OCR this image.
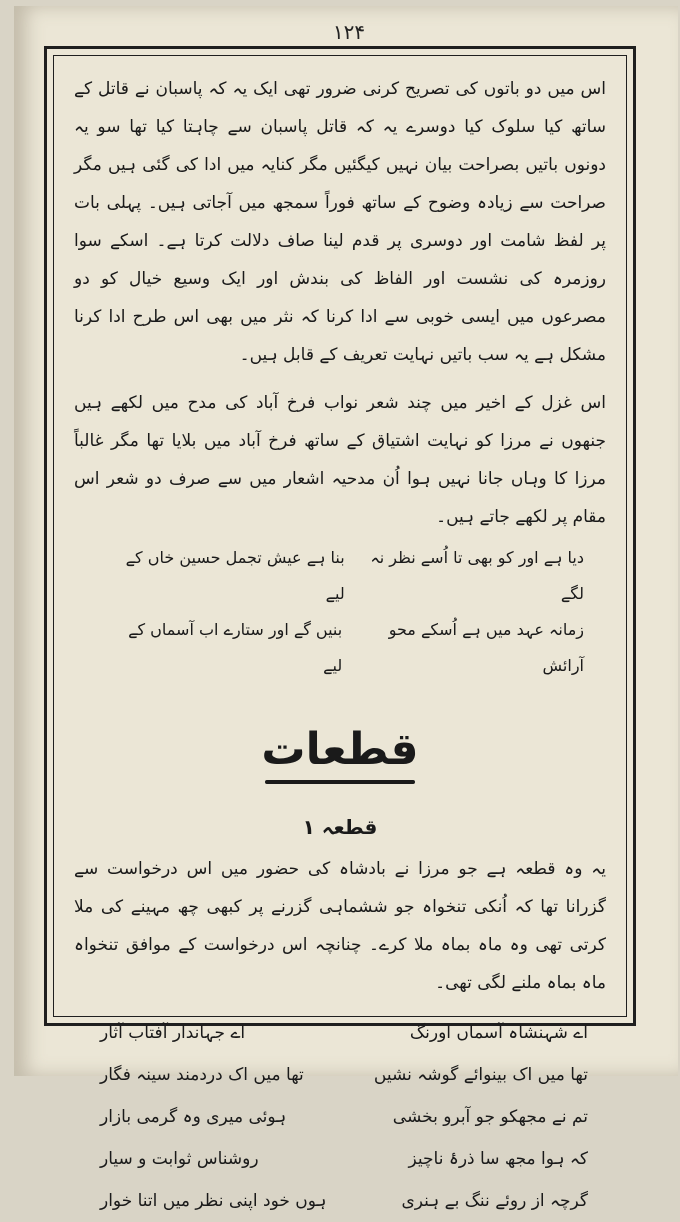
۱۲۴

اس میں دو باتوں کی تصریح کرنی ضرور تھی ایک یہ کہ پاسبان نے قاتل کے ساتھ کیا سلوک کیا دوسرے یہ کہ قاتل پاسبان سے چاہتا کیا تھا سو یہ دونوں باتیں بصراحت بیان نہیں کیگئیں مگر کنایہ میں ادا کی گئی ہیں مگر صراحت سے زیادہ وضوح کے ساتھ فوراً سمجھ میں آجاتی ہیں۔ پہلی بات پر لفظ شامت اور دوسری پر قدم لینا صاف دلالت کرتا ہے۔ اسکے سوا روزمرہ کی نشست اور الفاظ کی بندش اور ایک وسیع خیال کو دو مصرعوں میں ایسی خوبی سے ادا کرنا کہ نثر میں بھی اس طرح ادا کرنا مشکل ہے یہ سب باتیں نہایت تعریف کے قابل ہیں۔

اس غزل کے اخیر میں چند شعر نواب فرخ آباد کی مدح میں لکھے ہیں جنھوں نے مرزا کو نہایت اشتیاق کے ساتھ فرخ آباد میں بلایا تھا مگر غالباً مرزا کا وہاں جانا نہیں ہوا اُن مدحیہ اشعار میں سے صرف دو شعر اس مقام پر لکھے جاتے ہیں۔

دیا ہے اور کو بھی تا اُسے نظر نہ لگے
بنا ہے عیش تجمل حسین خاں کے لیے
زمانہ عہد میں ہے اُسکے محو آرائش
بنیں گے اور ستارے اب آسماں کے لیے
قطعات
قطعہ ۱

یہ وہ قطعہ ہے جو مرزا نے بادشاہ کی حضور میں اس درخواست سے گزرانا تھا کہ اُنکی تنخواہ جو ششماہی گزرنے پر کبھی چھ مہینے کی ملا کرتی تھی وہ ماہ بماہ ملا کرے۔ چنانچہ اس درخواست کے موافق تنخواہ ماہ بماہ ملنے لگی تھی۔

اے شہنشاہ آسماں اورنگ
اے جہاندار آفتاب آثار
تھا میں اک بینوائے گوشہ نشیں
تھا میں اک دردمند سینہ فگار
تم نے مجھکو جو آبرو بخشی
ہوئی میری وہ گرمی بازار
کہ ہوا مجھ سا ذرۂ ناچیز
روشناس ثوابت و سیار
گرچہ از روئے ننگ بے ہنری
ہوں خود اپنی نظر میں اتنا خوار
